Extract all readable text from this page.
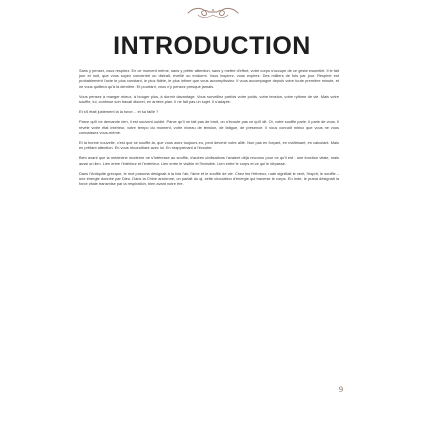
INTRODUCTION

Sans y penser, vous respirez. En ce moment même, sans y prêter attention, sans y mettre d'effort, votre corps s'occupe de ce geste essentiel. Il le fait jour et nuit, que vous soyez concentré ou distrait, éveillé ou endormi. Vous inspirez, vous expirez. Des milliers de fois par jour. Respirer est probablement l'acte le plus constant, le plus fidèle, le plus intime que vous accomplissiez. Il vous accompagne depuis votre toute première minute, et ne vous quittera qu'à la dernière. Et pourtant, vous n'y pensez presque jamais.

Vous pensez à manger mieux, à bouger plus, à dormir davantage. Vous surveillez parfois votre poids, votre tension, votre rythme de vie. Mais votre souffle, lui, continue son travail discret, en arrière-plan. Il ne fait pas un sujet. Il s'adapte.

Et s'il était justement là la force… et sa faille ?

Parce qu'il ne demande rien, il est souvent oublié. Parce qu'il ne fait pas de bruit, on n'écoute pas ce qu'il dit. Or, votre souffle parle. Il parle de vous. Il révèle votre état intérieur, votre tempo du moment, votre niveau de tension, de fatigue, de présence. Il vous connaît mieux que vous ne vous connaissez vous-même.

Et la bonne nouvelle, c'est que ce souffle-là, que vous avez toujours eu, peut devenir votre allié. Non pas en forçant, en maîtrisant, en calculant. Mais en prêtant attention. En vous réconciliant avec lui. En réapprenant à l'écouter.

Bien avant que la médecine moderne ne s'intéresse au souffle, d'autres civilisations l'avaient déjà reconnu pour ce qu'il est : une fonction vitale, mais aussi un lien. Lien entre l'intérieur et l'extérieur. Lien entre le visible et l'invisible. Lien entre le corps et ce qui le dépasse.

Dans l'Antiquité grecque, le mot pneuma désignait à la fois l'air, l'âme et le souffle de vie. Chez les Hébreux, ruah signifiait le vent, l'esprit, le souffle – une énergie donnée par Dieu. Dans la Chine ancienne, on parlait du qi, cette circulation d'énergie qui traverse le corps. En Inde, le prana désignait la force vitale transmise par la respiration, bien avant notre ère.

9
